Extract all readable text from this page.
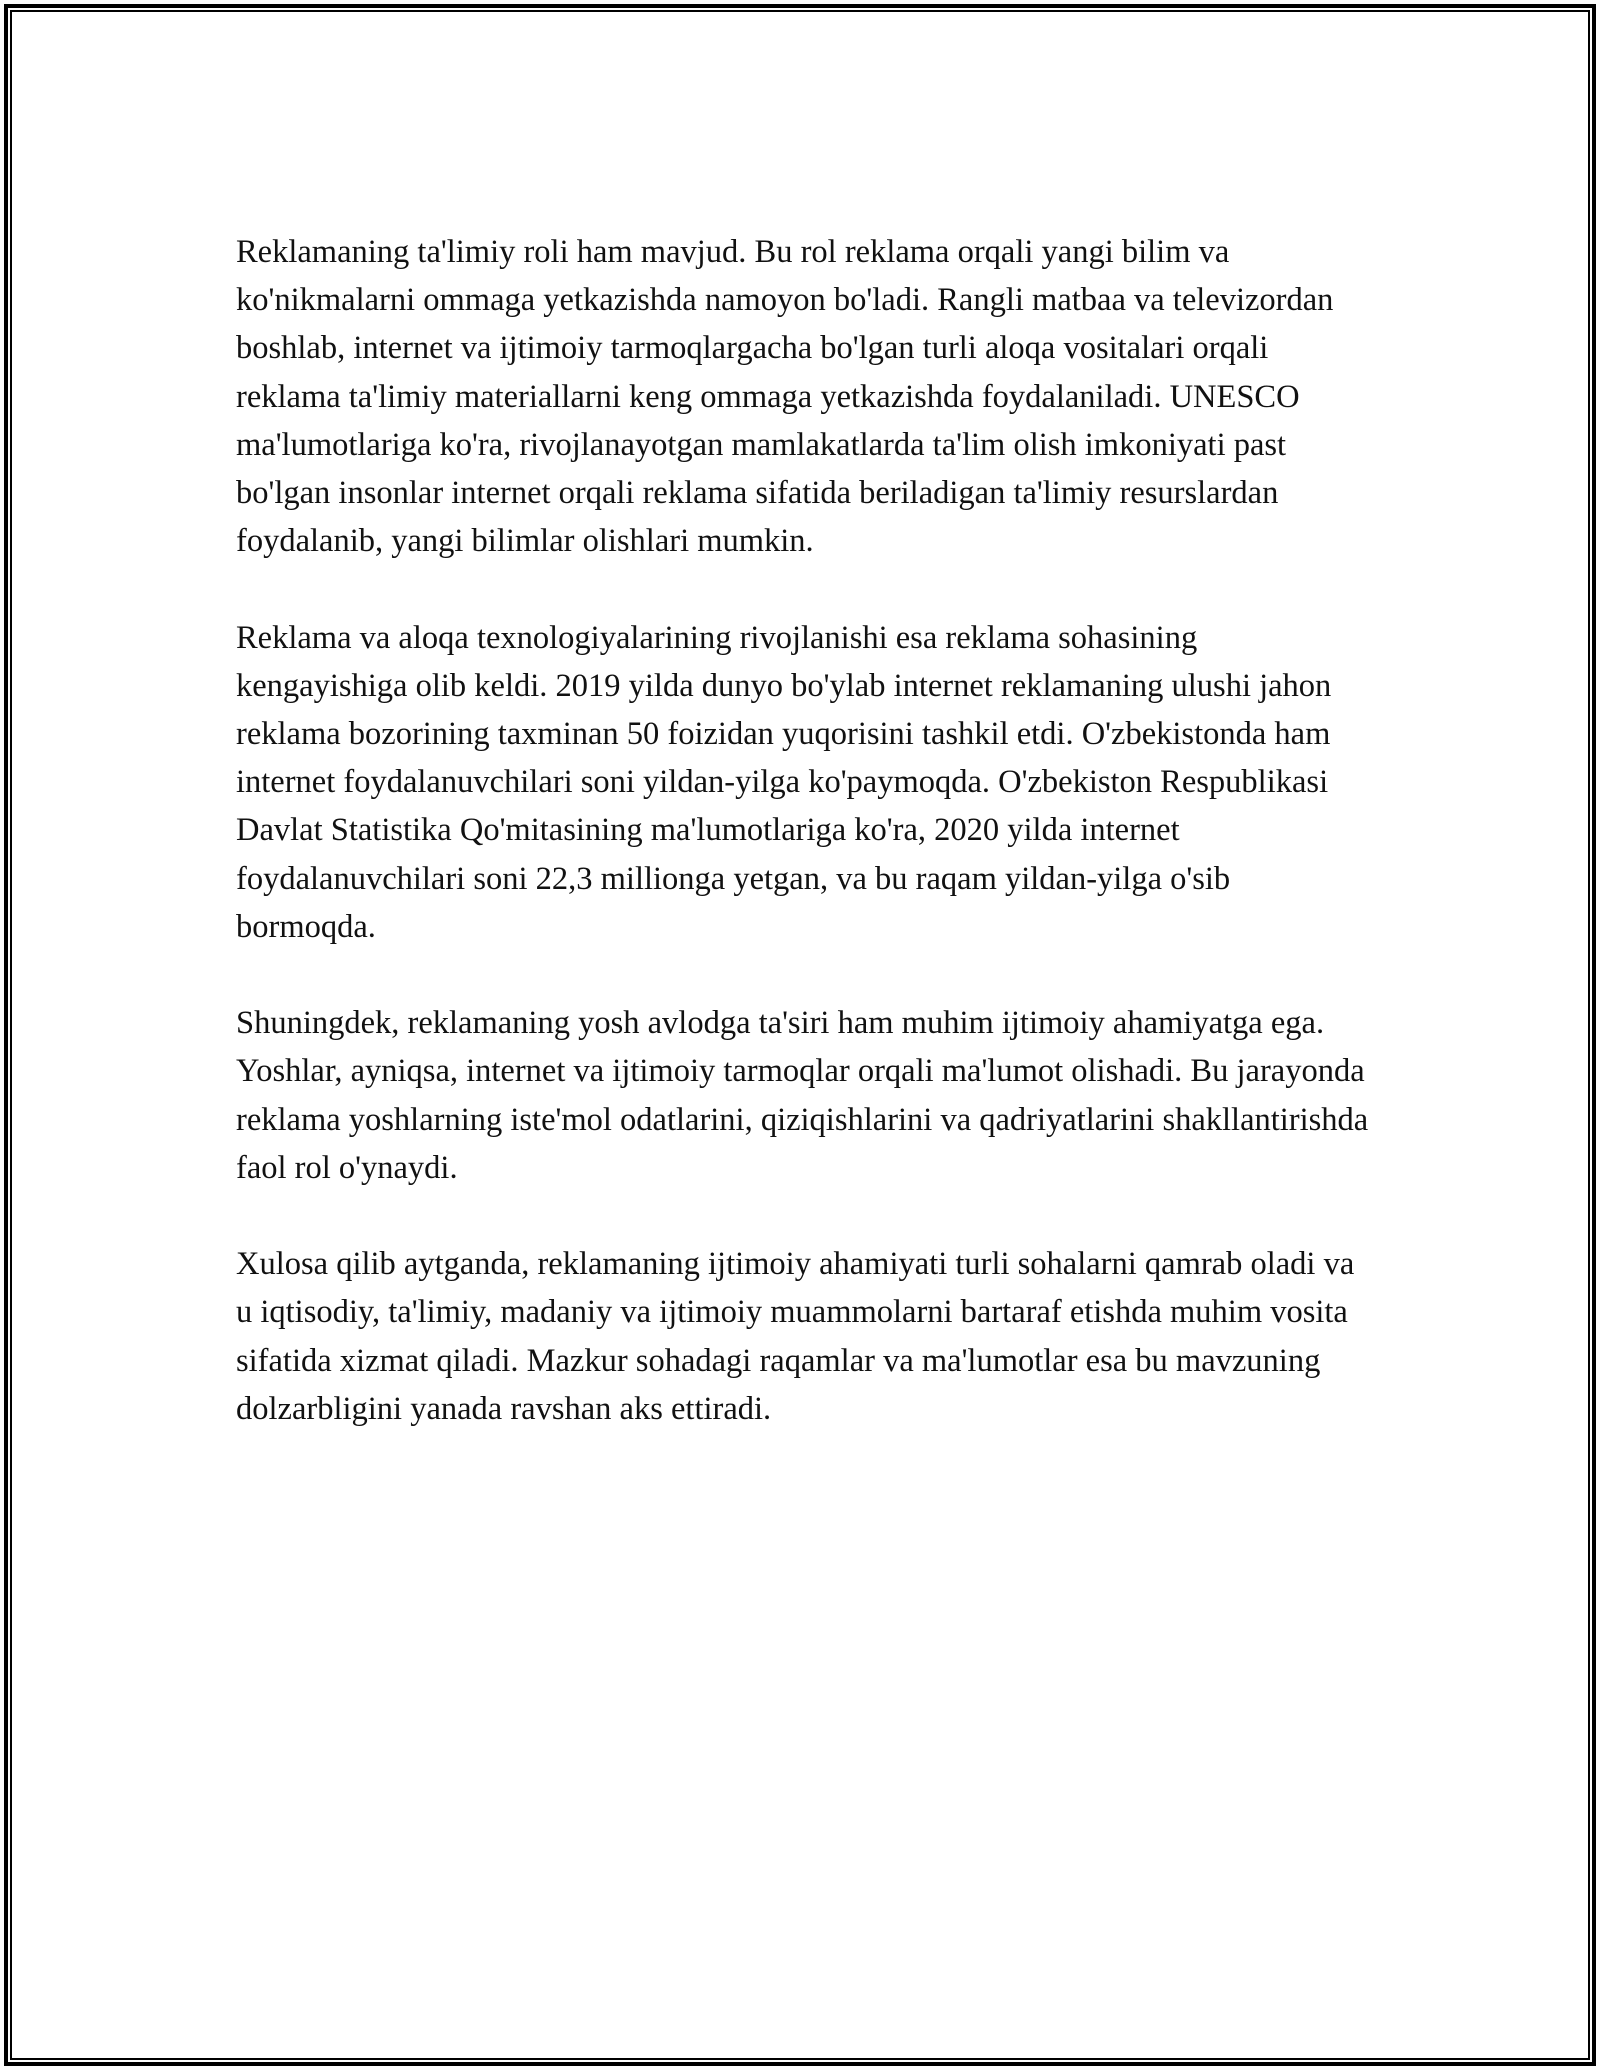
Reklamaning ta'limiy roli ham mavjud. Bu rol reklama orqali yangi bilim va ko'nikmalarni ommaga yetkazishda namoyon bo'ladi. Rangli matbaa va televizordan boshlab, internet va ijtimoiy tarmoqlargacha bo'lgan turli aloqa vositalari orqali reklama ta'limiy materiallarni keng ommaga yetkazishda foydalaniladi. UNESCO ma'lumotlariga ko'ra, rivojlanayotgan mamlakatlarda ta'lim olish imkoniyati past bo'lgan insonlar internet orqali reklama sifatida beriladigan ta'limiy resurslardan foydalanib, yangi bilimlar olishlari mumkin.

Reklama va aloqa texnologiyalarining rivojlanishi esa reklama sohasining kengayishiga olib keldi. 2019 yilda dunyo bo'ylab internet reklamaning ulushi jahon reklama bozorining taxminan 50 foizidan yuqorisini tashkil etdi. O'zbekistonda ham internet foydalanuvchilari soni yildan-yilga ko'paymoqda. O'zbekiston Respublikasi Davlat Statistika Qo'mitasining ma'lumotlariga ko'ra, 2020 yilda internet foydalanuvchilari soni 22,3 millionga yetgan, va bu raqam yildan-yilga o'sib bormoqda.

Shuningdek, reklamaning yosh avlodga ta'siri ham muhim ijtimoiy ahamiyatga ega. Yoshlar, ayniqsa, internet va ijtimoiy tarmoqlar orqali ma'lumot olishadi. Bu jarayonda reklama yoshlarning iste'mol odatlarini, qiziqishlarini va qadriyatlarini shakllantirishda faol rol o'ynaydi.

Xulosa qilib aytganda, reklamaning ijtimoiy ahamiyati turli sohalarni qamrab oladi va u iqtisodiy, ta'limiy, madaniy va ijtimoiy muammolarni bartaraf etishda muhim vosita sifatida xizmat qiladi. Mazkur sohadagi raqamlar va ma'lumotlar esa bu mavzuning dolzarbligini yanada ravshan aks ettiradi.
